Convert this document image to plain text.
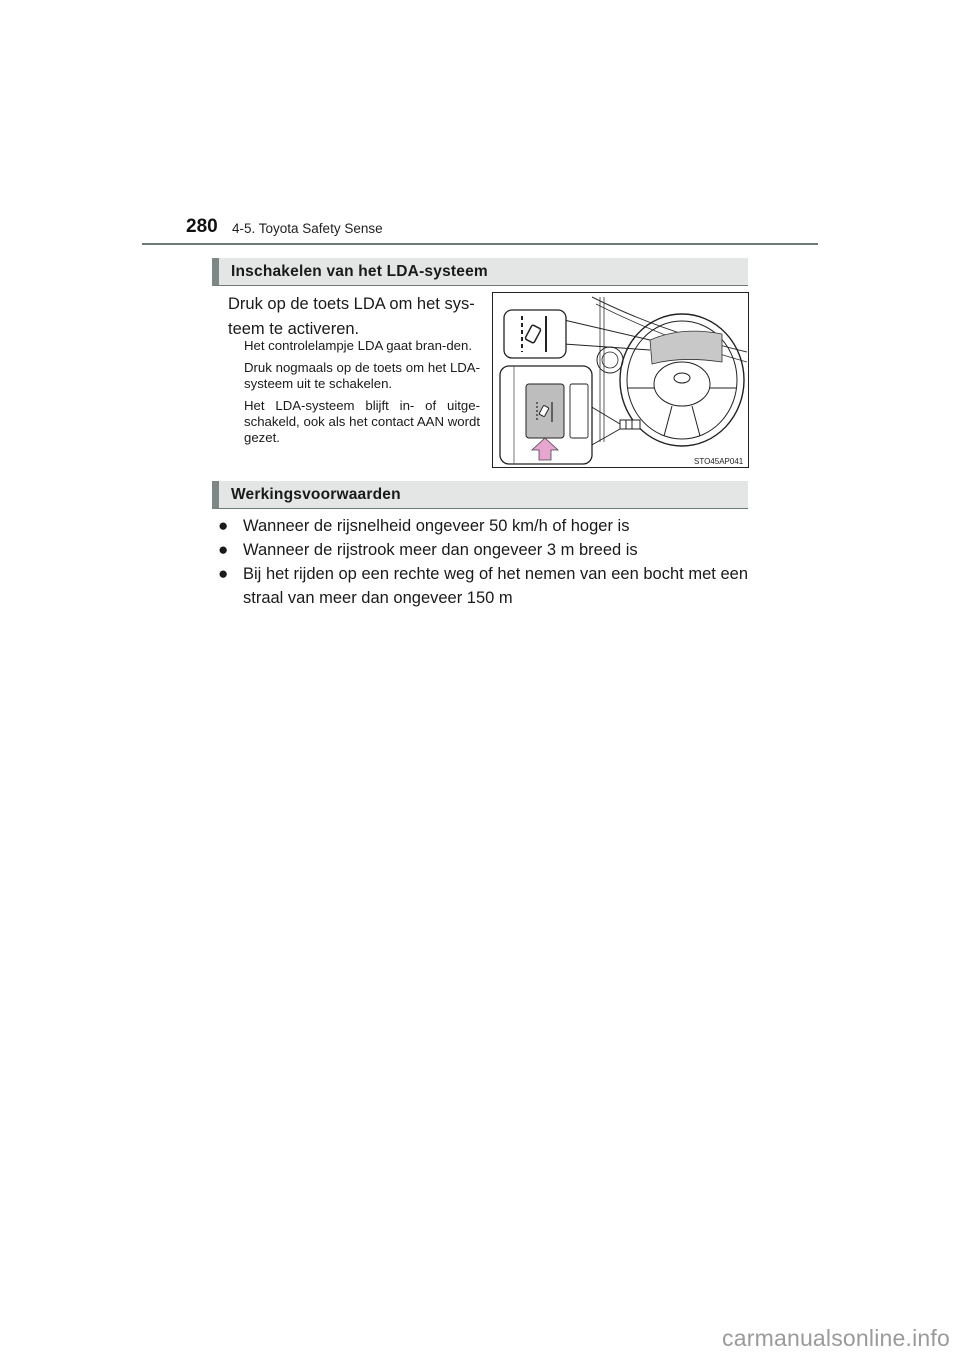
280 4-5. Toyota Safety Sense
Inschakelen van het LDA-systeem
Druk op de toets LDA om het sys-teem te activeren.

Het controlelampje LDA gaat bran-den.

Druk nogmaals op de toets om het LDA-systeem uit te schakelen.

Het LDA-systeem blijft in- of uitge-schakeld, ook als het contact AAN wordt gezet.

STO45AP041
Werkingsvoorwaarden
● Wanneer de rijsnelheid ongeveer 50 km/h of hoger is
● Wanneer de rijstrook meer dan ongeveer 3 m breed is
● Bij het rijden op een rechte weg of het nemen van een bocht met een straal van meer dan ongeveer 150 m
carmanualsonline.info
